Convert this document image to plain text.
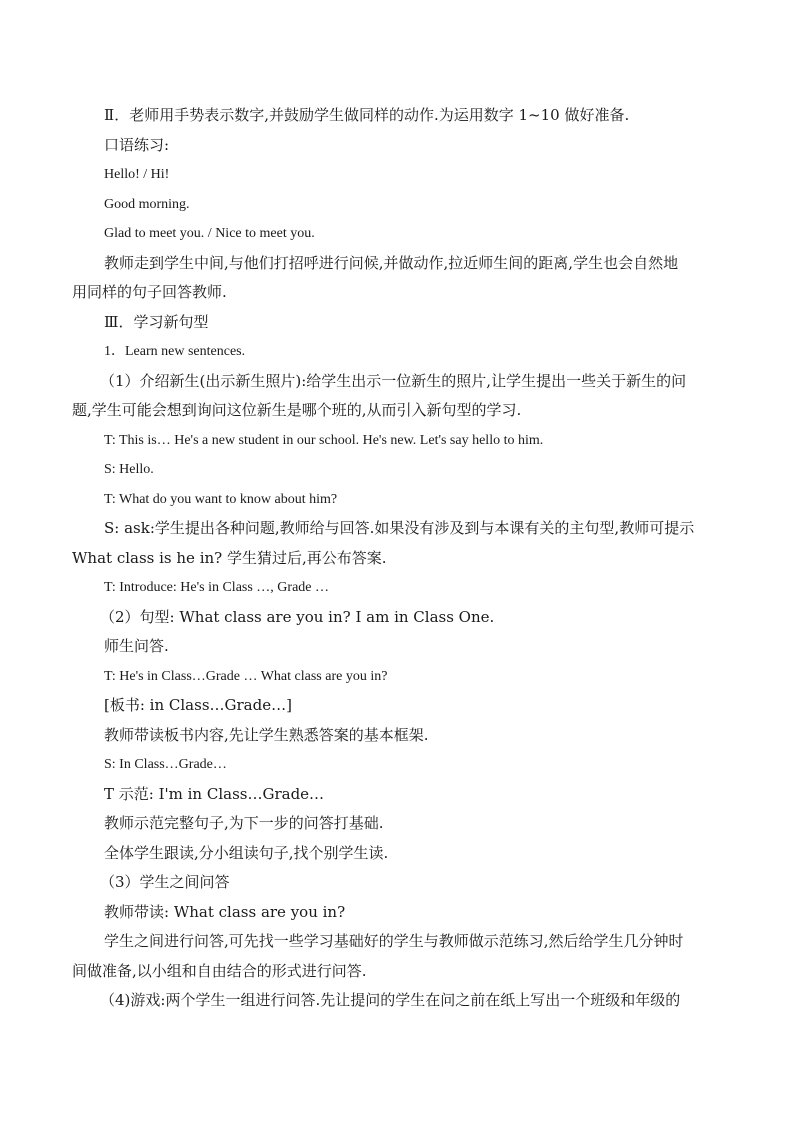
Ⅱ．老师用手势表示数字,并鼓励学生做同样的动作.为运用数字 1~10 做好准备.
口语练习:
Hello! / Hi!
Good morning.
Glad to meet you. / Nice to meet you.
教师走到学生中间,与他们打招呼进行问候,并做动作,拉近师生间的距离,学生也会自然地
用同样的句子回答教师.
Ⅲ．学习新句型
1．Learn new sentences.
（1）介绍新生(出示新生照片):给学生出示一位新生的照片,让学生提出一些关于新生的问
题,学生可能会想到询问这位新生是哪个班的,从而引入新句型的学习.
T: This is… He's a new student in our school. He's new. Let's say hello to him.
S: Hello.
T: What do you want to know about him?
S: ask:学生提出各种问题,教师给与回答.如果没有涉及到与本课有关的主句型,教师可提示
What class is he in? 学生猜过后,再公布答案.
T: Introduce: He's in Class …, Grade …
（2）句型: What class are you in? I am in Class One.
师生问答.
T: He's in Class…Grade … What class are you in?
[板书: in Class…Grade…]
教师带读板书内容,先让学生熟悉答案的基本框架.
S: In Class…Grade…
T 示范: I'm in Class…Grade…
教师示范完整句子,为下一步的问答打基础.
全体学生跟读,分小组读句子,找个别学生读.
（3）学生之间问答
教师带读: What class are you in?
学生之间进行问答,可先找一些学习基础好的学生与教师做示范练习,然后给学生几分钟时
间做准备,以小组和自由结合的形式进行问答.
（4)游戏:两个学生一组进行问答.先让提问的学生在问之前在纸上写出一个班级和年级的
